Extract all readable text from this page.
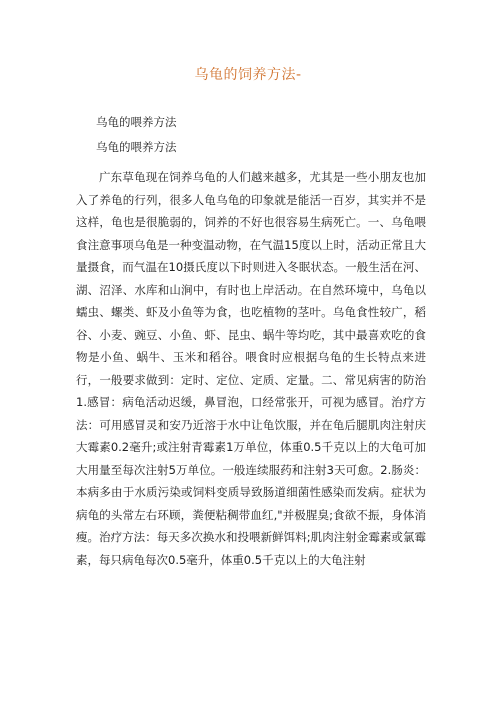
乌龟的饲养方法-
乌龟的喂养方法
乌龟的喂养方法

广东草龟现在饲养乌龟的人们越来越多，尤其是一些小朋友也加入了养龟的行列，很多人龟乌龟的印象就是能活一百岁，其实并不是这样，龟也是很脆弱的，饲养的不好也很容易生病死亡。一、乌龟喂食注意事项乌龟是一种变温动物，在气温15度以上时，活动正常且大量摄食，而气温在10摄氏度以下时则进入冬眠状态。一般生活在河、湖、沼泽、水库和山涧中，有时也上岸活动。在自然环境中，乌龟以蠕虫、螺类、虾及小鱼等为食，也吃植物的茎叶。乌龟食性较广，稻谷、小麦、豌豆、小鱼、虾、昆虫、蜗牛等均吃，其中最喜欢吃的食物是小鱼、蜗牛、玉米和稻谷。喂食时应根据乌龟的生长特点来进行，一般要求做到：定时、定位、定质、定量。二、常见病害的防治1.感冒：病龟活动迟缓，鼻冒泡，口经常张开，可视为感冒。治疗方法：可用感冒灵和安乃近溶于水中让龟饮服，并在龟后腿肌肉注射庆大霉素0.2毫升;或注射青霉素1万单位，体重0.5千克以上的大龟可加大用量至每次注射5万单位。一般连续服药和注射3天可愈。2.肠炎：本病多由于水质污染或饲料变质导致肠道细菌性感染而发病。症状为病龟的头常左右环顾，粪便粘稠带血红,"并极腥臭;食欲不振，身体消瘦。治疗方法：每天多次换水和投喂新鲜饵料;肌肉注射金霉素或氯霉素，每只病龟每次0.5毫升，体重0.5千克以上的大龟注射
